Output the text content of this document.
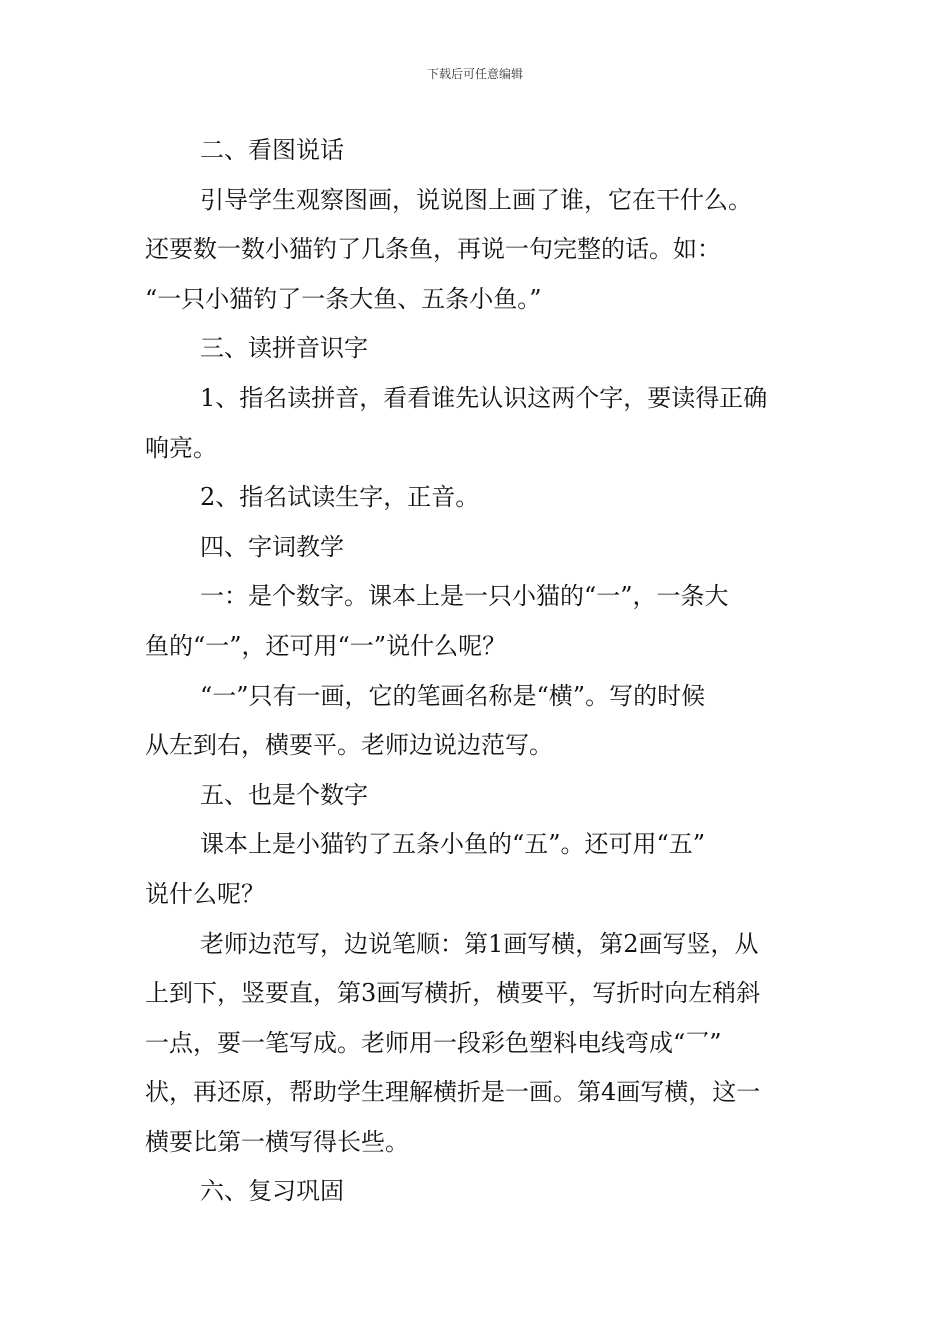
下载后可任意编辑
二、看图说话
引导学生观察图画，说说图上画了谁，它在干什么。
还要数一数小猫钓了几条鱼，再说一句完整的话。如：
“一只小猫钓了一条大鱼、五条小鱼。”
三、读拼音识字
1、指名读拼音，看看谁先认识这两个字，要读得正确
响亮。
2、指名试读生字，正音。
四、字词教学
一：是个数字。课本上是一只小猫的“一”，一条大
鱼的“一”，还可用“一”说什么呢？
“一”只有一画，它的笔画名称是“横”。写的时候
从左到右，横要平。老师边说边范写。
五、也是个数字
课本上是小猫钓了五条小鱼的“五”。还可用“五”
说什么呢？
老师边范写，边说笔顺：第1画写横，第2画写竖，从
上到下，竖要直，第3画写横折，横要平，写折时向左稍斜
一点，要一笔写成。老师用一段彩色塑料电线弯成“乛”
状，再还原，帮助学生理解横折是一画。第4画写横，这一
横要比第一横写得长些。
六、复习巩固
